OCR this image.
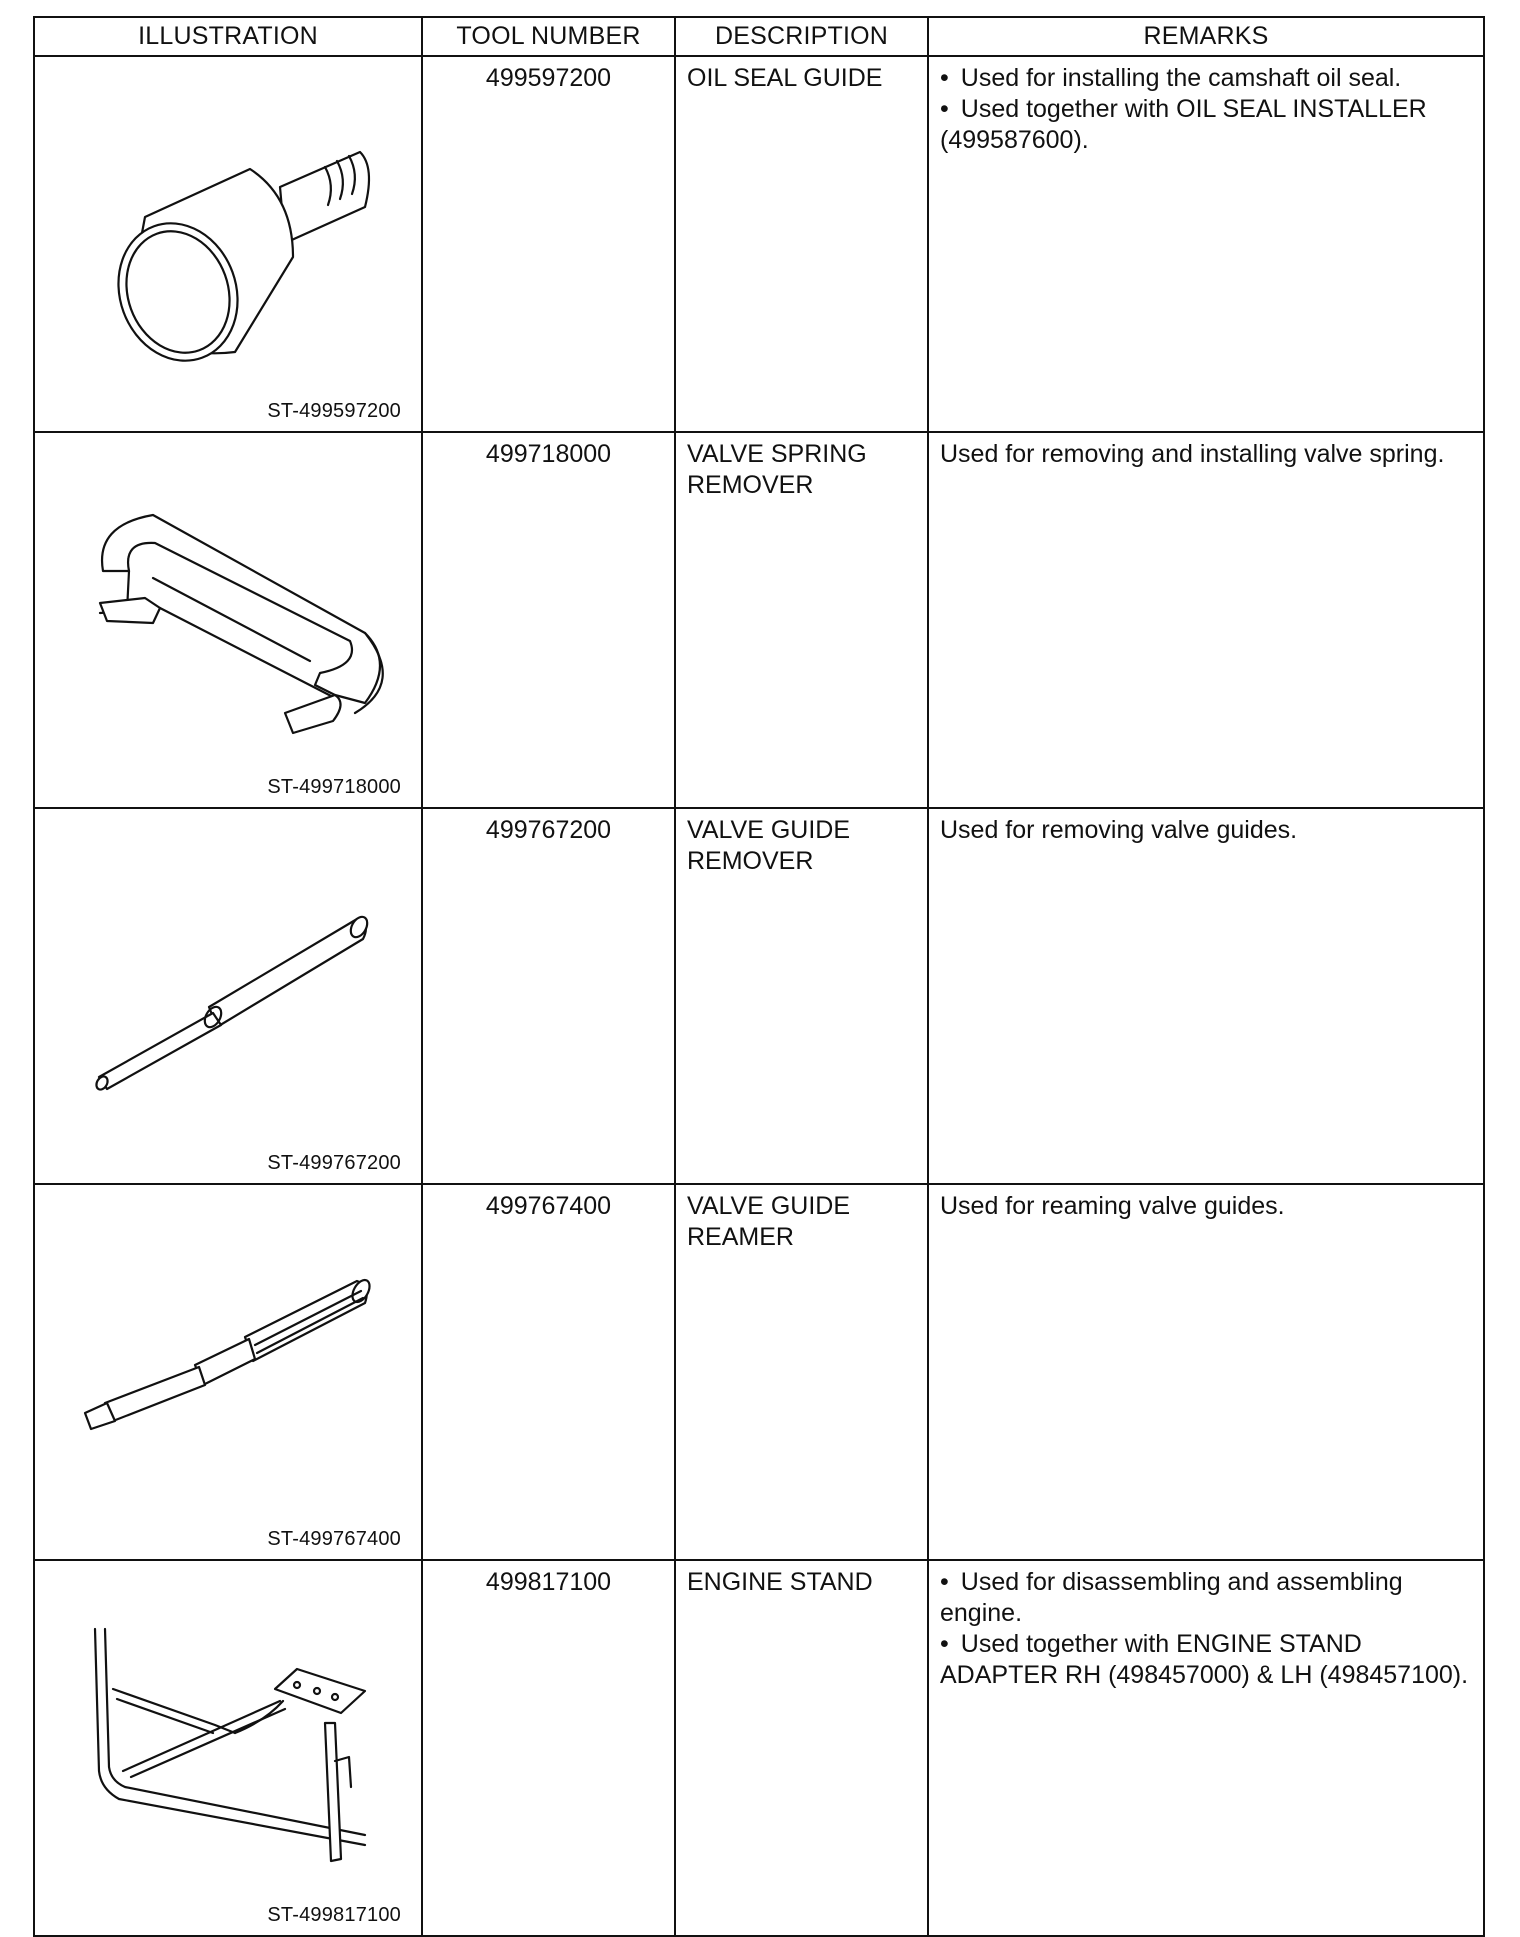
ILLUSTRATION	TOOL NUMBER	DESCRIPTION	REMARKS

ST-499597200	499597200	OIL SEAL GUIDE	• Used for installing the camshaft oil seal.
• Used together with OIL SEAL INSTALLER (499587600).

ST-499718000	499718000	VALVE SPRING REMOVER	Used for removing and installing valve spring.

ST-499767200	499767200	VALVE GUIDE REMOVER	Used for removing valve guides.

ST-499767400	499767400	VALVE GUIDE REAMER	Used for reaming valve guides.

ST-499817100	499817100	ENGINE STAND	• Used for disassembling and assembling engine.
• Used together with ENGINE STAND ADAPTER RH (498457000) & LH (498457100).
